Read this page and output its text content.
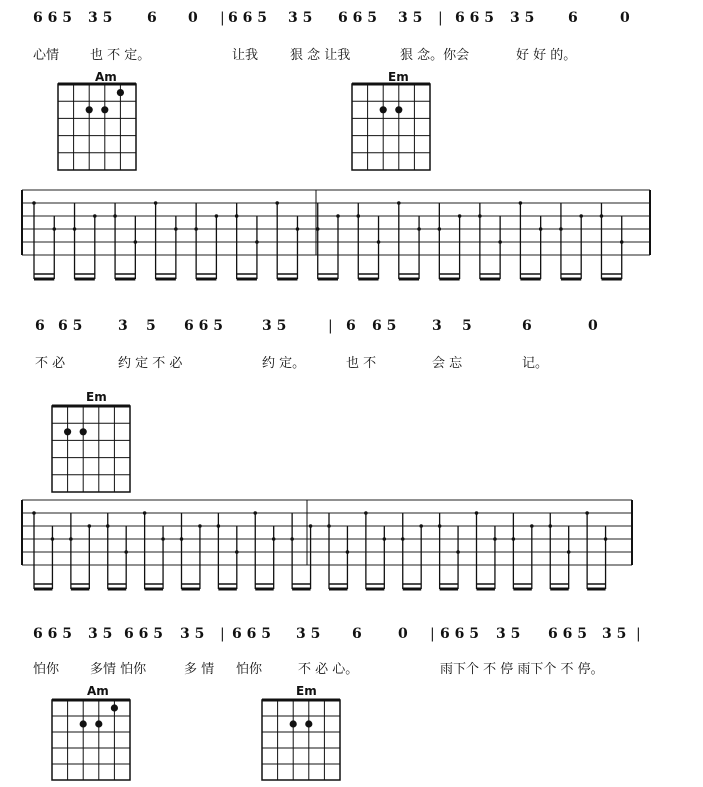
6 6 5 3 5 6 0 | 6 6 5 3 5 6 6 5 3 5 | 6 6 5 3 5 6	0
心情 也 不 定。	让我 狠 念 让我	狠 念。你会	好 好 的。
Am	Em
6 6 5	3 5 6 6 5	3 5	| 6 6 5	3 5	6	0
不 必	约 定 不 必	约 定。	也 不	会 忘	记。
Em
6 6 5 3 5 6 6 5 3 5 | 6 6 5 3 5 6	0 | 6 6 5 3 5 6 6 5 3 5 |
怕你 多情 怕你	多 情 怕你	不 必 心。	雨下个 不 停 雨下个 不 停。
Am	Em
